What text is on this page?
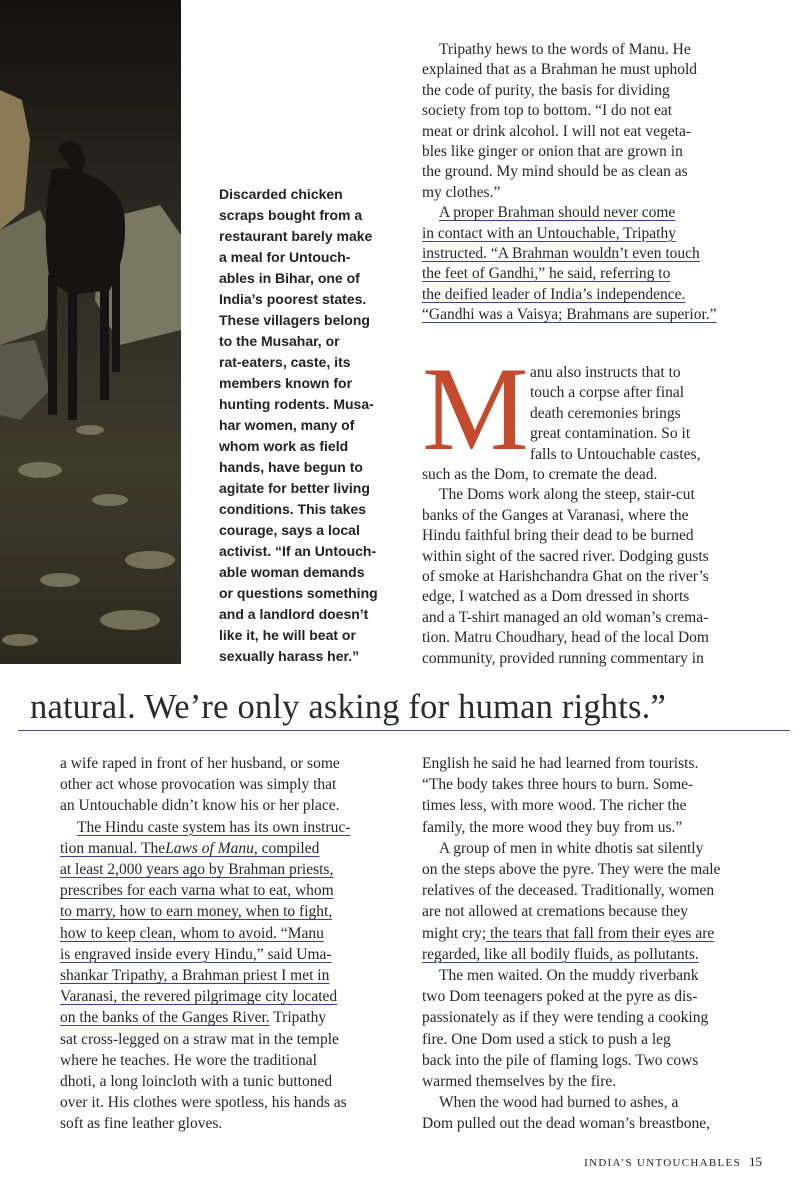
Discarded chicken
scraps bought from a
restaurant barely make
a meal for Untouch-
ables in Bihar, one of
India’s poorest states.
These villagers belong
to the Musahar, or
rat-eaters, caste, its
members known for
hunting rodents. Musa-
har women, many of
whom work as field
hands, have begun to
agitate for better living
conditions. This takes
courage, says a local
activist. “If an Untouch-
able woman demands
or questions something
and a landlord doesn’t
like it, he will beat or
sexually harass her.”
Tripathy hews to the words of Manu. He
explained that as a Brahman he must uphold
the code of purity, the basis for dividing
society from top to bottom. “I do not eat
meat or drink alcohol. I will not eat vegeta-
bles like ginger or onion that are grown in
the ground. My mind should be as clean as
my clothes.”
A proper Brahman should never come
in contact with an Untouchable, Tripathy
instructed. “A Brahman wouldn’t even touch
the feet of Gandhi,” he said, referring to
the deified leader of India’s independence.
“Gandhi was a Vaisya; Brahmans are superior.”
M anu also instructs that to
touch a corpse after final
death ceremonies brings
great contamination. So it
falls to Untouchable castes,
such as the Dom, to cremate the dead.
The Doms work along the steep, stair-cut
banks of the Ganges at Varanasi, where the
Hindu faithful bring their dead to be burned
within sight of the sacred river. Dodging gusts
of smoke at Harishchandra Ghat on the river’s
edge, I watched as a Dom dressed in shorts
and a T-shirt managed an old woman’s crema-
tion. Matru Choudhary, head of the local Dom
community, provided running commentary in
natural. We’re only asking for human rights.”
a wife raped in front of her husband, or some
other act whose provocation was simply that
an Untouchable didn’t know his or her place.
The Hindu caste system has its own instruc-
tion manual. TheLaws of Manu, compiled
at least 2,000 years ago by Brahman priests,
prescribes for each varna what to eat, whom
to marry, how to earn money, when to fight,
how to keep clean, whom to avoid. “Manu
is engraved inside every Hindu,” said Uma-
shankar Tripathy, a Brahman priest I met in
Varanasi, the revered pilgrimage city located
on the banks of the Ganges River. Tripathy
sat cross-legged on a straw mat in the temple
where he teaches. He wore the traditional
dhoti, a long loincloth with a tunic buttoned
over it. His clothes were spotless, his hands as
soft as fine leather gloves.
English he said he had learned from tourists.
“The body takes three hours to burn. Some-
times less, with more wood. The richer the
family, the more wood they buy from us.”
A group of men in white dhotis sat silently
on the steps above the pyre. They were the male
relatives of the deceased. Traditionally, women
are not allowed at cremations because they
might cry; the tears that fall from their eyes are
regarded, like all bodily fluids, as pollutants.
The men waited. On the muddy riverbank
two Dom teenagers poked at the pyre as dis-
passionately as if they were tending a cooking
fire. One Dom used a stick to push a leg
back into the pile of flaming logs. Two cows
warmed themselves by the fire.
When the wood had burned to ashes, a
Dom pulled out the dead woman’s breastbone,
INDIA’S UNTOUCHABLES 15
